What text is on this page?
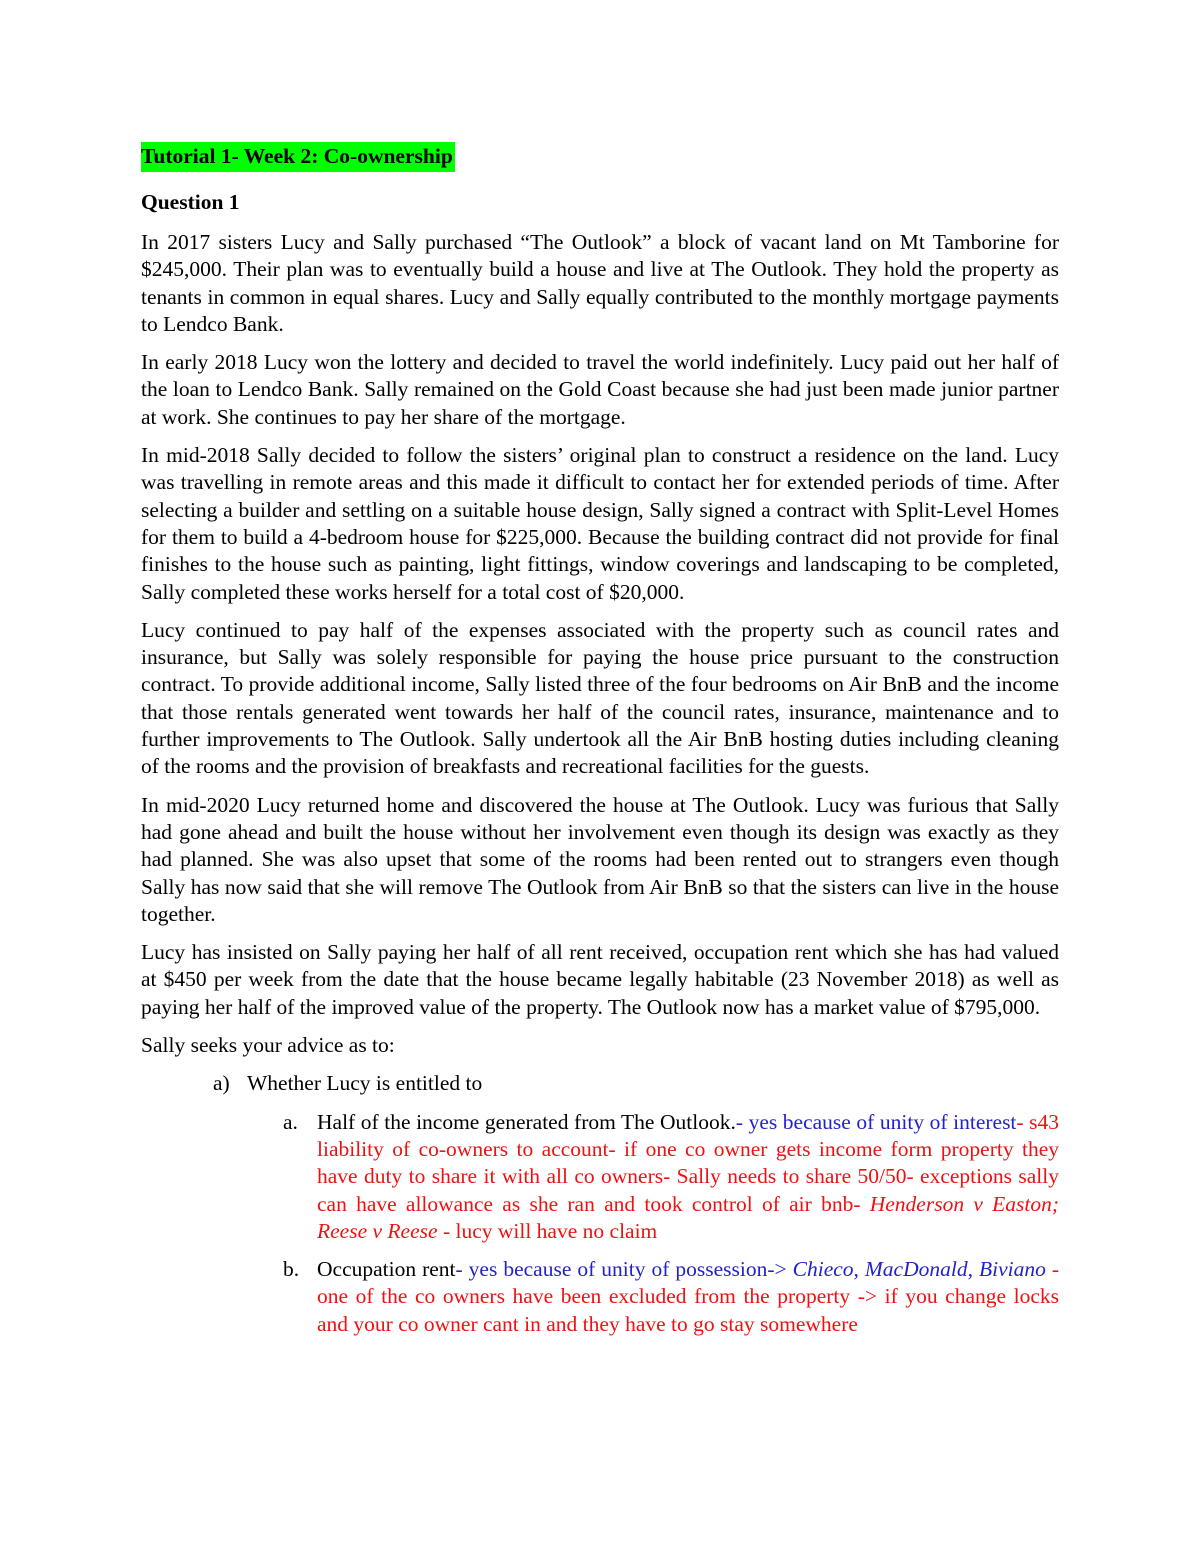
Tutorial 1- Week 2: Co-ownership
Question 1

In 2017 sisters Lucy and Sally purchased “The Outlook” a block of vacant land on Mt Tamborine for $245,000. Their plan was to eventually build a house and live at The Outlook. They hold the property as tenants in common in equal shares. Lucy and Sally equally contributed to the monthly mortgage payments to Lendco Bank.

In early 2018 Lucy won the lottery and decided to travel the world indefinitely. Lucy paid out her half of the loan to Lendco Bank. Sally remained on the Gold Coast because she had just been made junior partner at work. She continues to pay her share of the mortgage.

In mid-2018 Sally decided to follow the sisters’ original plan to construct a residence on the land. Lucy was travelling in remote areas and this made it difficult to contact her for extended periods of time. After selecting a builder and settling on a suitable house design, Sally signed a contract with Split-Level Homes for them to build a 4-bedroom house for $225,000. Because the building contract did not provide for final finishes to the house such as painting, light fittings, window coverings and landscaping to be completed, Sally completed these works herself for a total cost of $20,000.

Lucy continued to pay half of the expenses associated with the property such as council rates and insurance, but Sally was solely responsible for paying the house price pursuant to the construction contract. To provide additional income, Sally listed three of the four bedrooms on Air BnB and the income that those rentals generated went towards her half of the council rates, insurance, maintenance and to further improvements to The Outlook. Sally undertook all the Air BnB hosting duties including cleaning of the rooms and the provision of breakfasts and recreational facilities for the guests.

In mid-2020 Lucy returned home and discovered the house at The Outlook. Lucy was furious that Sally had gone ahead and built the house without her involvement even though its design was exactly as they had planned. She was also upset that some of the rooms had been rented out to strangers even though Sally has now said that she will remove The Outlook from Air BnB so that the sisters can live in the house together.

Lucy has insisted on Sally paying her half of all rent received, occupation rent which she has had valued at $450 per week from the date that the house became legally habitable (23 November 2018) as well as paying her half of the improved value of the property. The Outlook now has a market value of $795,000.

Sally seeks your advice as to:

a) Whether Lucy is entitled to
a. Half of the income generated from The Outlook.- yes because of unity of interest- s43 liability of co-owners to account- if one co owner gets income form property they have duty to share it with all co owners- Sally needs to share 50/50- exceptions sally can have allowance as she ran and took control of air bnb- Henderson v Easton; Reese v Reese - lucy will have no claim
b. Occupation rent- yes because of unity of possession-> Chieco, MacDonald, Biviano - one of the co owners have been excluded from the property -> if you change locks and your co owner cant in and they have to go stay somewhere
